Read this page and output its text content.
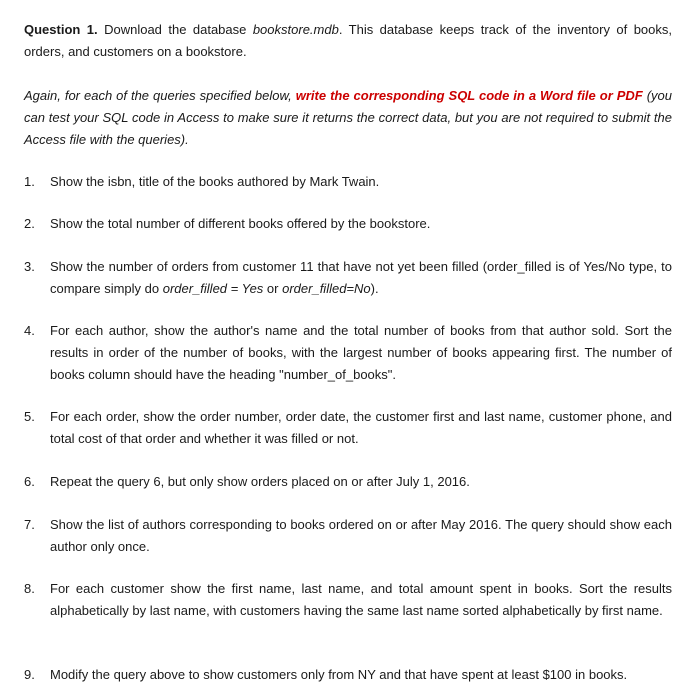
Question 1. Download the database bookstore.mdb. This database keeps track of the inventory of books, orders, and customers on a bookstore.
Again, for each of the queries specified below, write the corresponding SQL code in a Word file or PDF (you can test your SQL code in Access to make sure it returns the correct data, but you are not required to submit the Access file with the queries).
1.	Show the isbn, title of the books authored by Mark Twain.
2.	Show the total number of different books offered by the bookstore.
3.	Show the number of orders from customer 11 that have not yet been filled (order_filled is of Yes/No type, to compare simply do order_filled = Yes or order_filled=No).
4.	For each author, show the author's name and the total number of books from that author sold. Sort the results in order of the number of books, with the largest number of books appearing first. The number of books column should have the heading "number_of_books".
5.	For each order, show the order number, order date, the customer first and last name, customer phone, and total cost of that order and whether it was filled or not.
6.	Repeat the query 6, but only show orders placed on or after July 1, 2016.
7.	Show the list of authors corresponding to books ordered on or after May 2016. The query should show each author only once.
8.	For each customer show the first name, last name, and total amount spent in books. Sort the results alphabetically by last name, with customers having the same last name sorted alphabetically by first name.
9.	Modify the query above to show customers only from NY and that have spent at least $100 in books.
